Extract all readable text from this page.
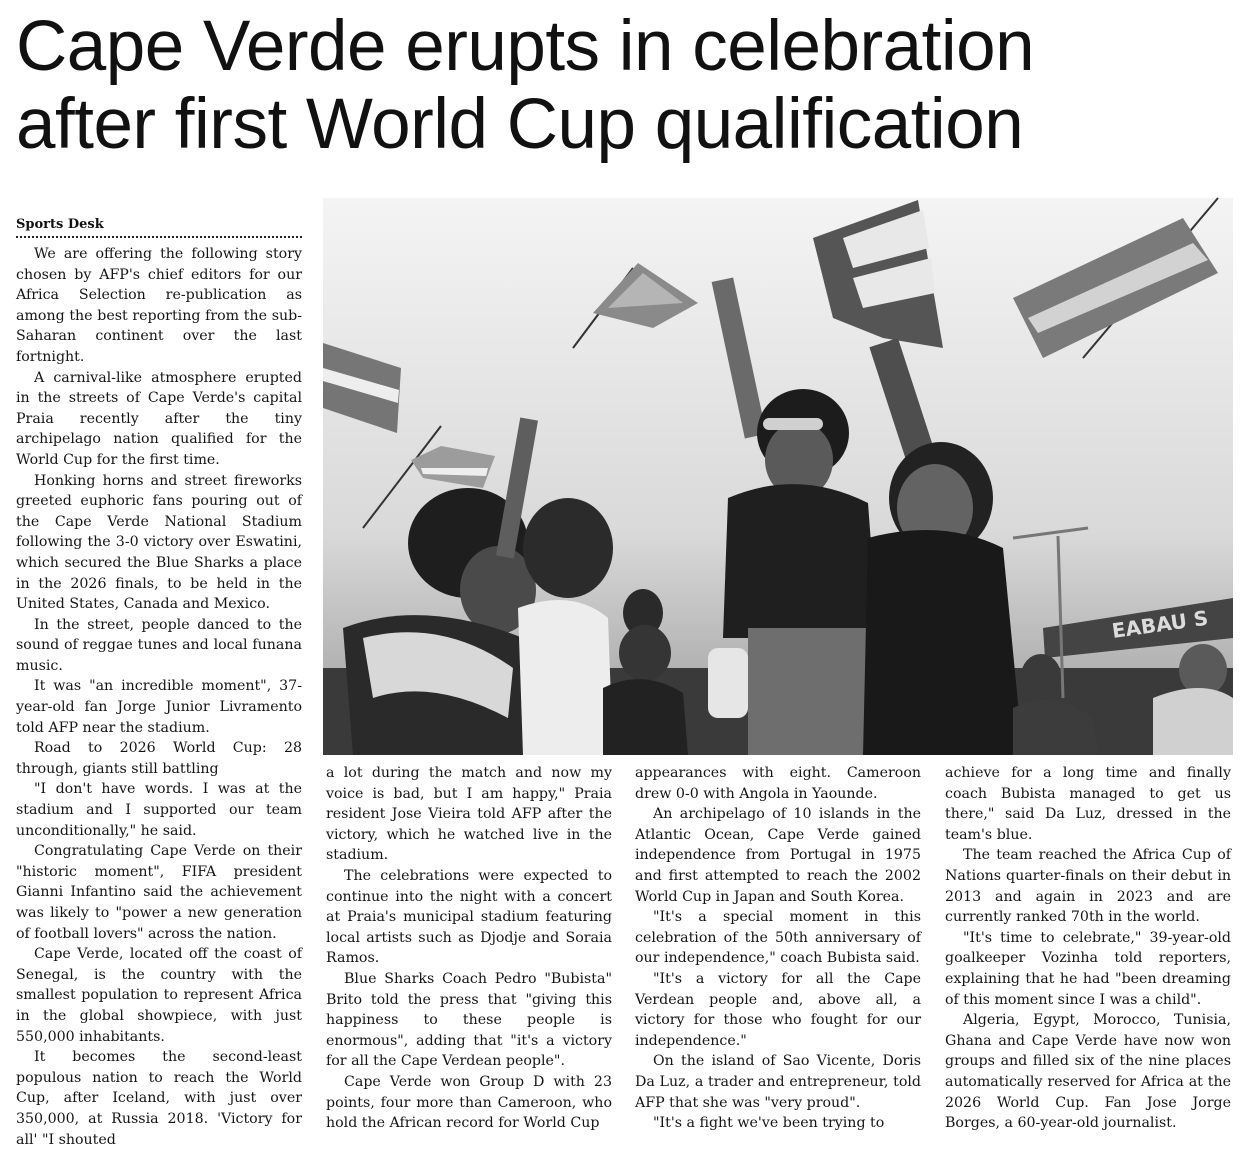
Cape Verde erupts in celebration
after first World Cup qualification
Sports Desk
EABAU S

We are offering the following story chosen by AFP's chief editors for our Africa Selection re-publication as among the best reporting from the sub-Saharan continent over the last fortnight.

A carnival-like atmosphere erupted in the streets of Cape Verde's capital Praia recently after the tiny archipelago nation qualified for the World Cup for the first time.

Honking horns and street fireworks greeted euphoric fans pouring out of the Cape Verde National Stadium following the 3-0 victory over Eswatini, which secured the Blue Sharks a place in the 2026 finals, to be held in the United States, Canada and Mexico.

In the street, people danced to the sound of reggae tunes and local funana music.

It was "an incredible moment", 37-year-old fan Jorge Junior Livramento told AFP near the stadium.

Road to 2026 World Cup: 28 through, giants still battling

"I don't have words. I was at the stadium and I supported our team unconditionally," he said.

Congratulating Cape Verde on their "historic moment", FIFA president Gianni Infantino said the achievement was likely to "power a new generation of football lovers" across the nation.

Cape Verde, located off the coast of Senegal, is the country with the smallest population to represent Africa in the global showpiece, with just 550,000 inhabitants.

It becomes the second-least populous nation to reach the World Cup, after Iceland, with just over 350,000, at Russia 2018. 'Victory for all' "I shouted

a lot during the match and now my voice is bad, but I am happy," Praia resident Jose Vieira told AFP after the victory, which he watched live in the stadium.

The celebrations were expected to continue into the night with a concert at Praia's municipal stadium featuring local artists such as Djodje and Soraia Ramos.

Blue Sharks Coach Pedro "Bubista" Brito told the press that "giving this happiness to these people is enormous", adding that "it's a victory for all the Cape Verdean people".

Cape Verde won Group D with 23 points, four more than Cameroon, who hold the African record for World Cup

appearances with eight. Cameroon drew 0-0 with Angola in Yaounde.

An archipelago of 10 islands in the Atlantic Ocean, Cape Verde gained independence from Portugal in 1975 and first attempted to reach the 2002 World Cup in Japan and South Korea.

"It's a special moment in this celebration of the 50th anniversary of our independence," coach Bubista said.

"It's a victory for all the Cape Verdean people and, above all, a victory for those who fought for our independence."

On the island of Sao Vicente, Doris Da Luz, a trader and entrepreneur, told AFP that she was "very proud".

"It's a fight we've been trying to

achieve for a long time and finally coach Bubista managed to get us there," said Da Luz, dressed in the team's blue.

The team reached the Africa Cup of Nations quarter-finals on their debut in 2013 and again in 2023 and are currently ranked 70th in the world.

"It's time to celebrate," 39-year-old goalkeeper Vozinha told reporters, explaining that he had "been dreaming of this moment since I was a child".

Algeria, Egypt, Morocco, Tunisia, Ghana and Cape Verde have now won groups and filled six of the nine places automatically reserved for Africa at the 2026 World Cup. Fan Jose Jorge Borges, a 60-year-old journalist.
